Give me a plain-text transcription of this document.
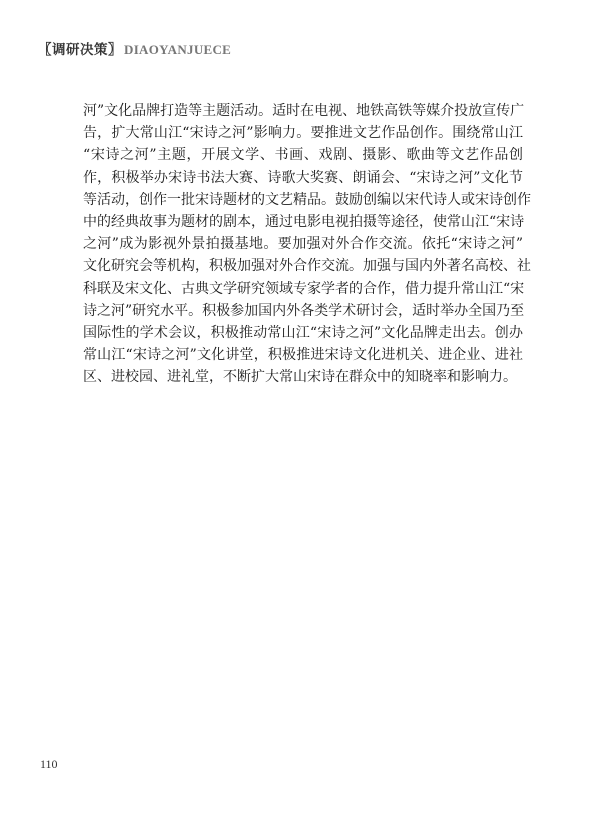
〖调研决策〗 DIAOYANJUECE
河”文化品牌打造等主题活动。适时在电视、地铁高铁等媒介投放宣传广
告，扩大常山江“宋诗之河”影响力。要推进文艺作品创作。围绕常山江
“宋诗之河”主题，开展文学、书画、戏剧、摄影、歌曲等文艺作品创
作，积极举办宋诗书法大赛、诗歌大奖赛、朗诵会、“宋诗之河”文化节
等活动，创作一批宋诗题材的文艺精品。鼓励创编以宋代诗人或宋诗创作
中的经典故事为题材的剧本，通过电影电视拍摄等途径，使常山江“宋诗
之河”成为影视外景拍摄基地。要加强对外合作交流。依托“宋诗之河”
文化研究会等机构，积极加强对外合作交流。加强与国内外著名高校、社
科联及宋文化、古典文学研究领域专家学者的合作，借力提升常山江“宋
诗之河”研究水平。积极参加国内外各类学术研讨会，适时举办全国乃至
国际性的学术会议，积极推动常山江“宋诗之河”文化品牌走出去。创办
常山江“宋诗之河”文化讲堂，积极推进宋诗文化进机关、进企业、进社
区、进校园、进礼堂，不断扩大常山宋诗在群众中的知晓率和影响力。
110
